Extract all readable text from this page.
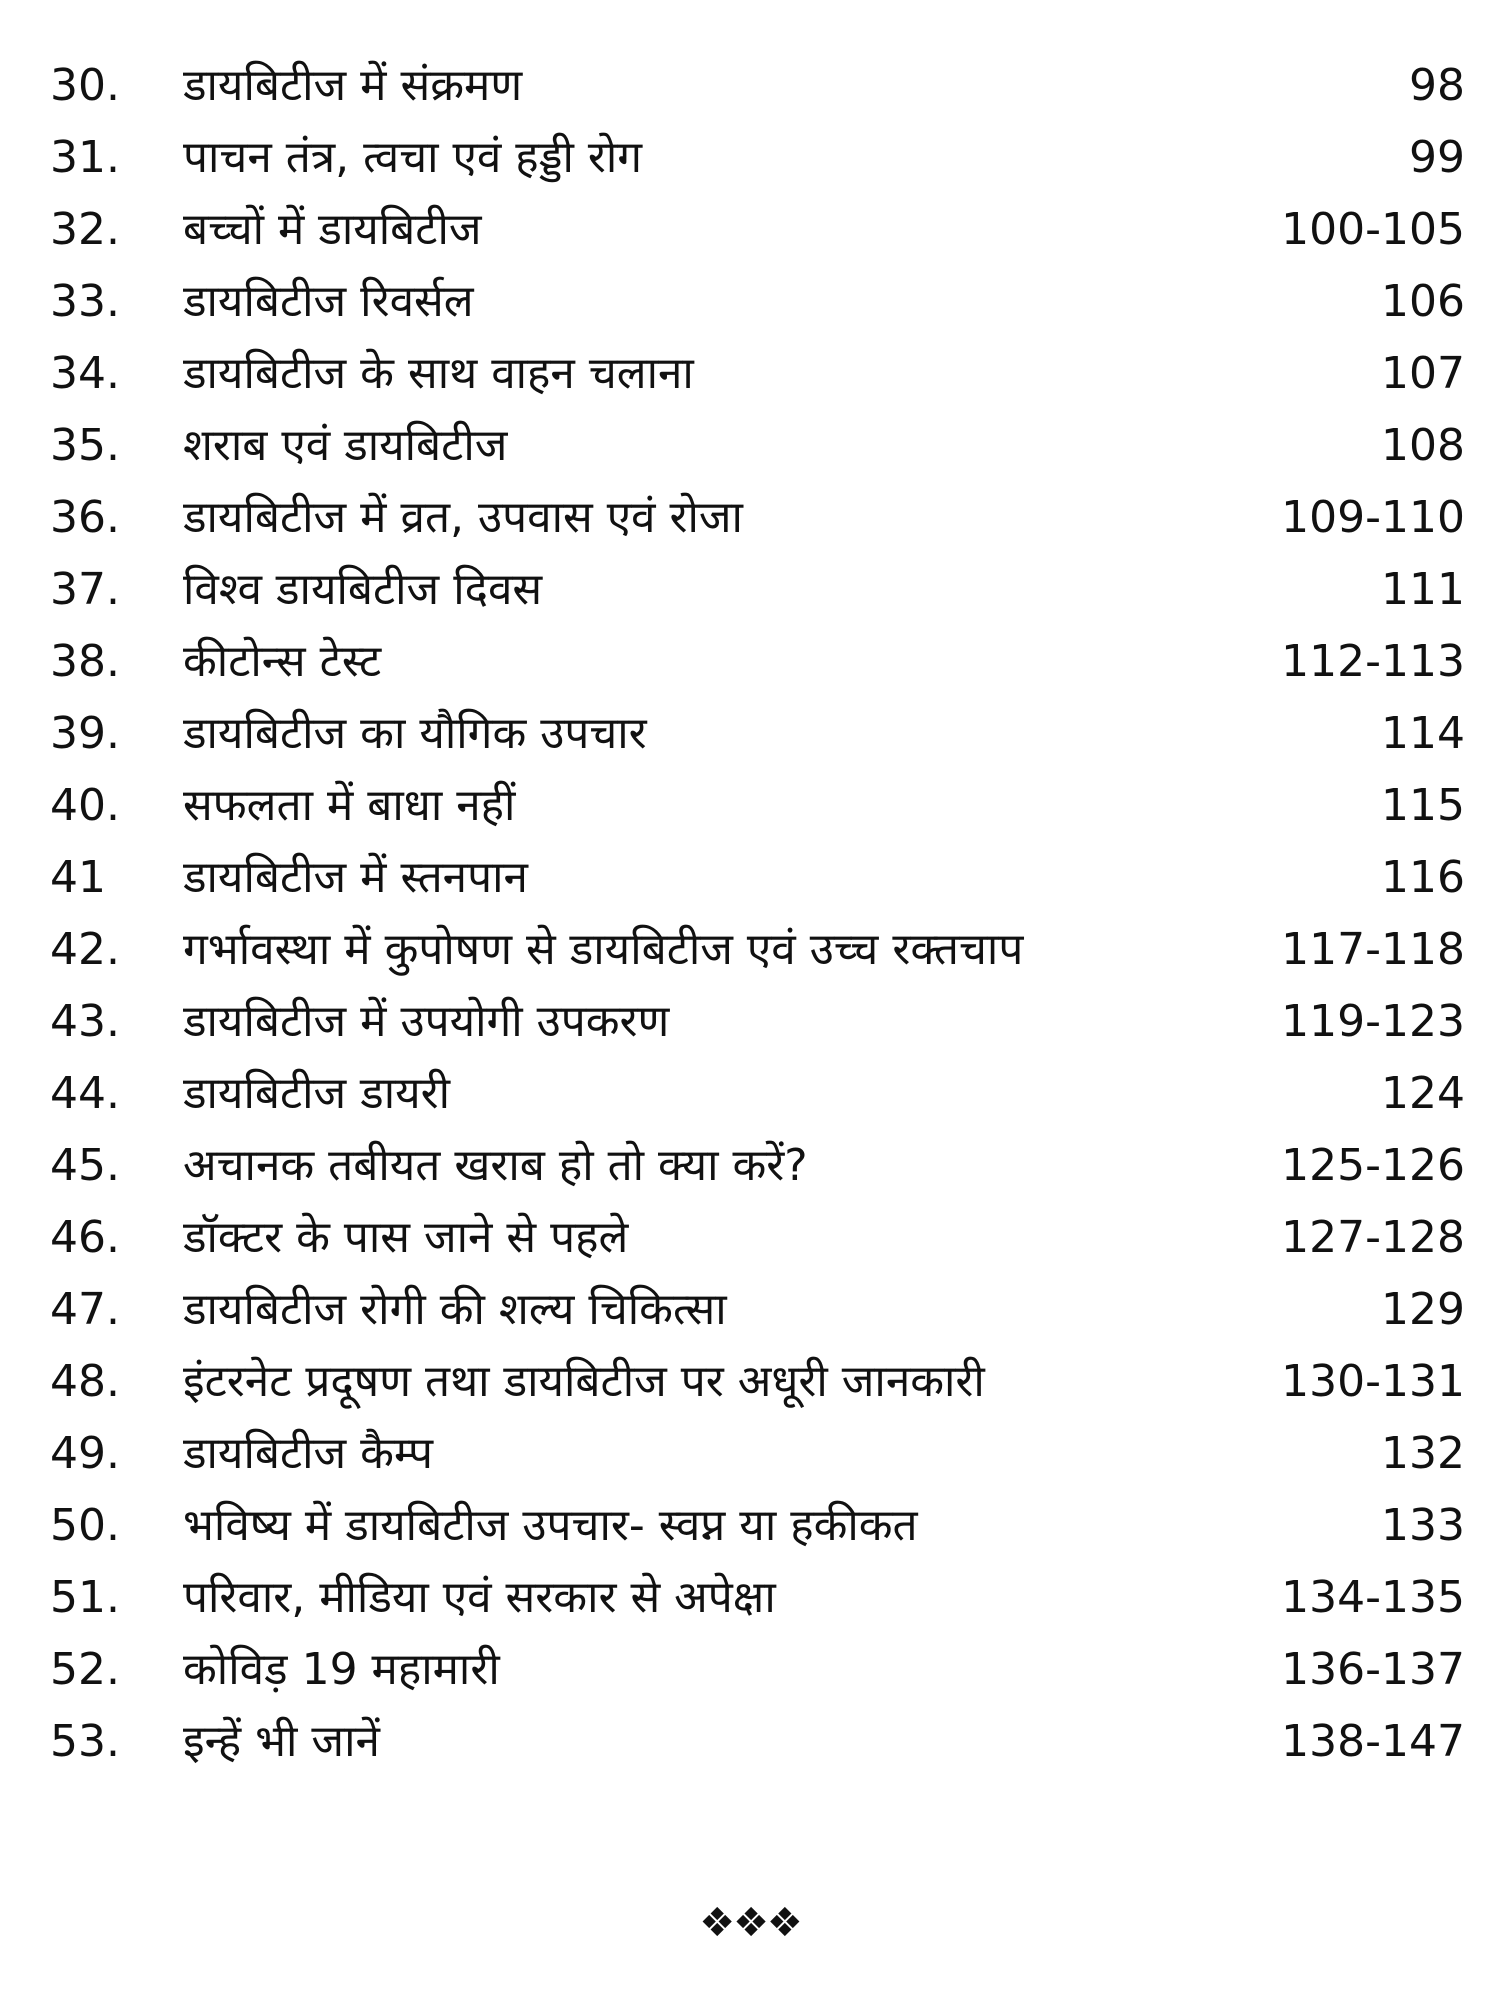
30.	डायबिटीज में संक्रमण	98
31.	पाचन तंत्र, त्वचा एवं हड्डी रोग	99
32.	बच्चों में डायबिटीज	100-105
33.	डायबिटीज रिवर्सल	106
34.	डायबिटीज के साथ वाहन चलाना	107
35.	शराब एवं डायबिटीज	108
36.	डायबिटीज में व्रत, उपवास एवं रोजा	109-110
37.	विश्व डायबिटीज दिवस	111
38.	कीटोन्स टेस्ट	112-113
39.	डायबिटीज का यौगिक उपचार	114
40.	सफलता में बाधा नहीं	115
41	डायबिटीज में स्तनपान	116
42.	गर्भावस्था में कुपोषण से डायबिटीज एवं उच्च रक्तचाप	117-118
43.	डायबिटीज में उपयोगी उपकरण	119-123
44.	डायबिटीज डायरी	124
45.	अचानक तबीयत खराब हो तो क्या करें?	125-126
46.	डॉक्टर के पास जाने से पहले	127-128
47.	डायबिटीज रोगी की शल्य चिकित्सा	129
48.	इंटरनेट प्रदूषण तथा डायबिटीज पर अधूरी जानकारी	130-131
49.	डायबिटीज कैम्प	132
50.	भविष्य में डायबिटीज उपचार- स्वप्न या हकीकत	133
51.	परिवार, मीडिया एवं सरकार से अपेक्षा	134-135
52.	कोविड़ 19 महामारी	136-137
53.	इन्हें भी जानें	138-147
❖❖❖
